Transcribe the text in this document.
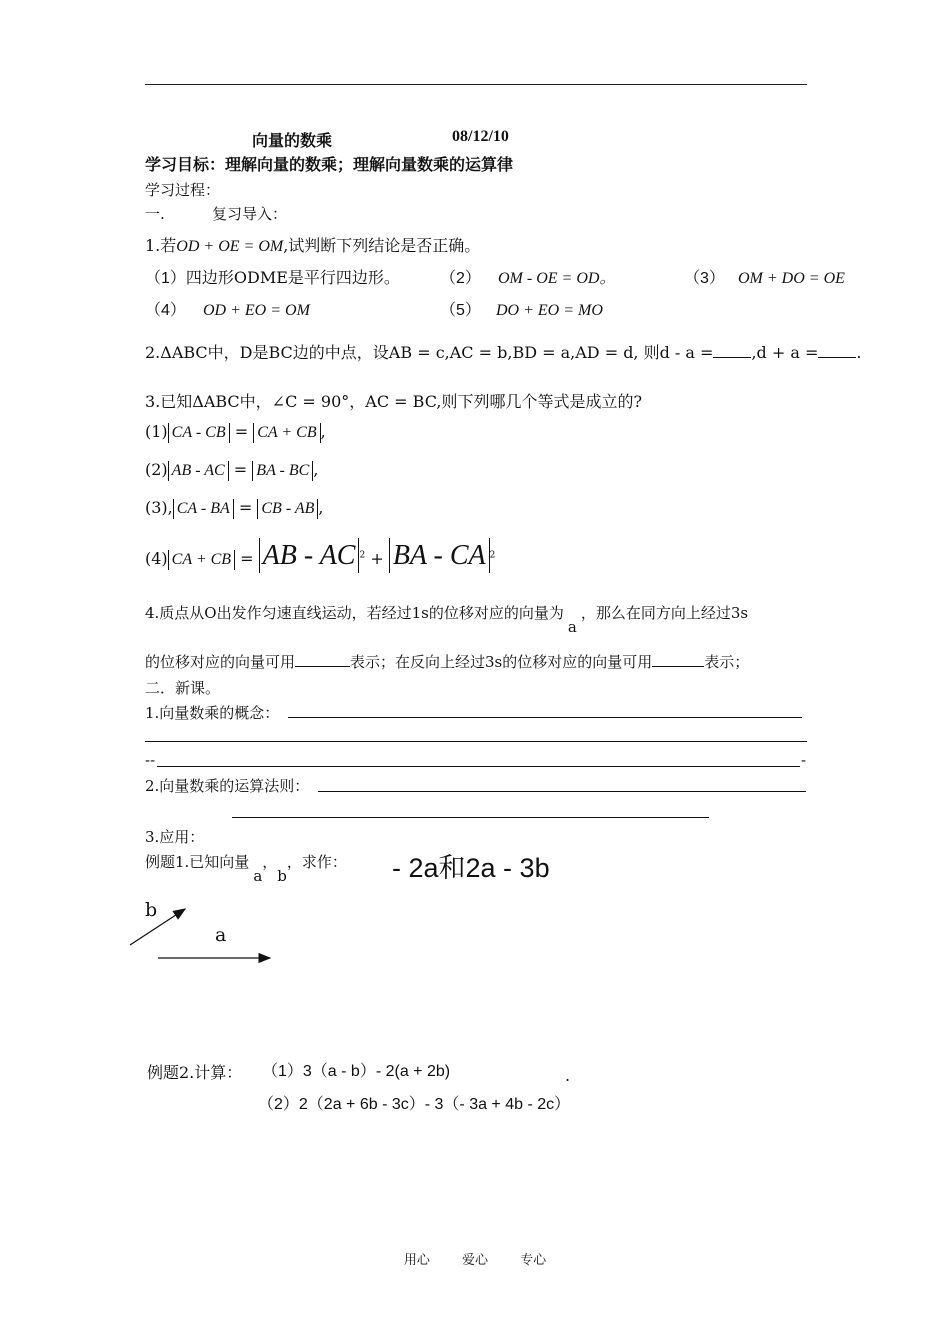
向量的数乘	08/12/10
学习目标：理解向量的数乘；理解向量数乘的运算律
学习过程：
一.	复习导入：
1.若OD + OE = OM,试判断下列结论是否正确。
（1）四边形ODME是平行四边形。	（2） OM - OE = OD。	（3） OM + DO = OE
（4） OD + EO = OM	（5） DO + EO = MO
2.ΔABC中，D是BC边的中点，设AB = c,AC = b,BD = a,AD = d, 则d - a = ,d + a = .
3.已知ΔABC中，∠C = 90°，AC = BC,则下列哪几个等式是成立的?
(1) CA - CB = CA + CB ,
(2) AB - AC = BA - BC ,
(3), CA - BA = CB - AB ,
(4) CA + CB = AB - AC $^2$ + BA - CA $^2$
4.质点从O出发作匀速直线运动，若经过1s的位移对应的向量为a，那么在同方向上经过3s
的位移对应的向量可用	表示；在反向上经过3s的位移对应的向量可用	表示；
二．新课。
1.向量数乘的概念：
--	-
2.向量数乘的运算法则：
3.应用：
例题1.已知向量a，b，求作： - 2a和2a - 3b
b
a
例题2.计算： （1）3（a - b）- 2(a + 2b)	.
（2）2（2a + 6b - 3c）- 3（- 3a + 4b - 2c）
用心 爱心 专心
